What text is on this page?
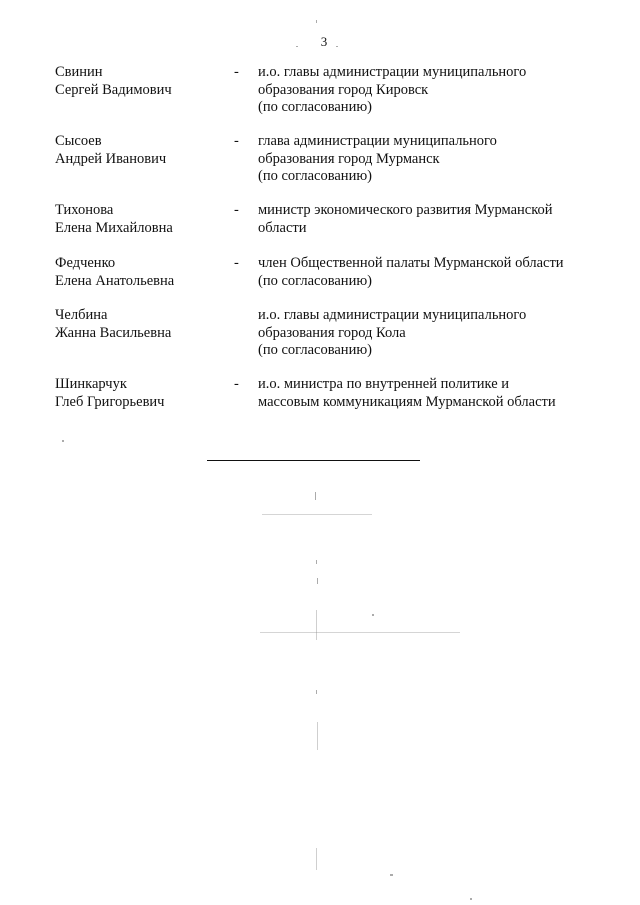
3
Свинин
Сергей Вадимович
- и.о. главы администрации муниципального
образования город Кировск
(по согласованию)
Сысоев
Андрей Иванович
- глава администрации муниципального
образования город Мурманск
(по согласованию)
Тихонова
Елена Михайловна
- министр экономического развития Мурманской
области
Федченко
Елена Анатольевна
- член Общественной палаты Мурманской области
(по согласованию)
Челбина
Жанна Васильевна
и.о. главы администрации муниципального
образования город Кола
(по согласованию)
Шинкарчук
Глеб Григорьевич
- и.о. министра по внутренней политике и
массовым коммуникациям Мурманской области
